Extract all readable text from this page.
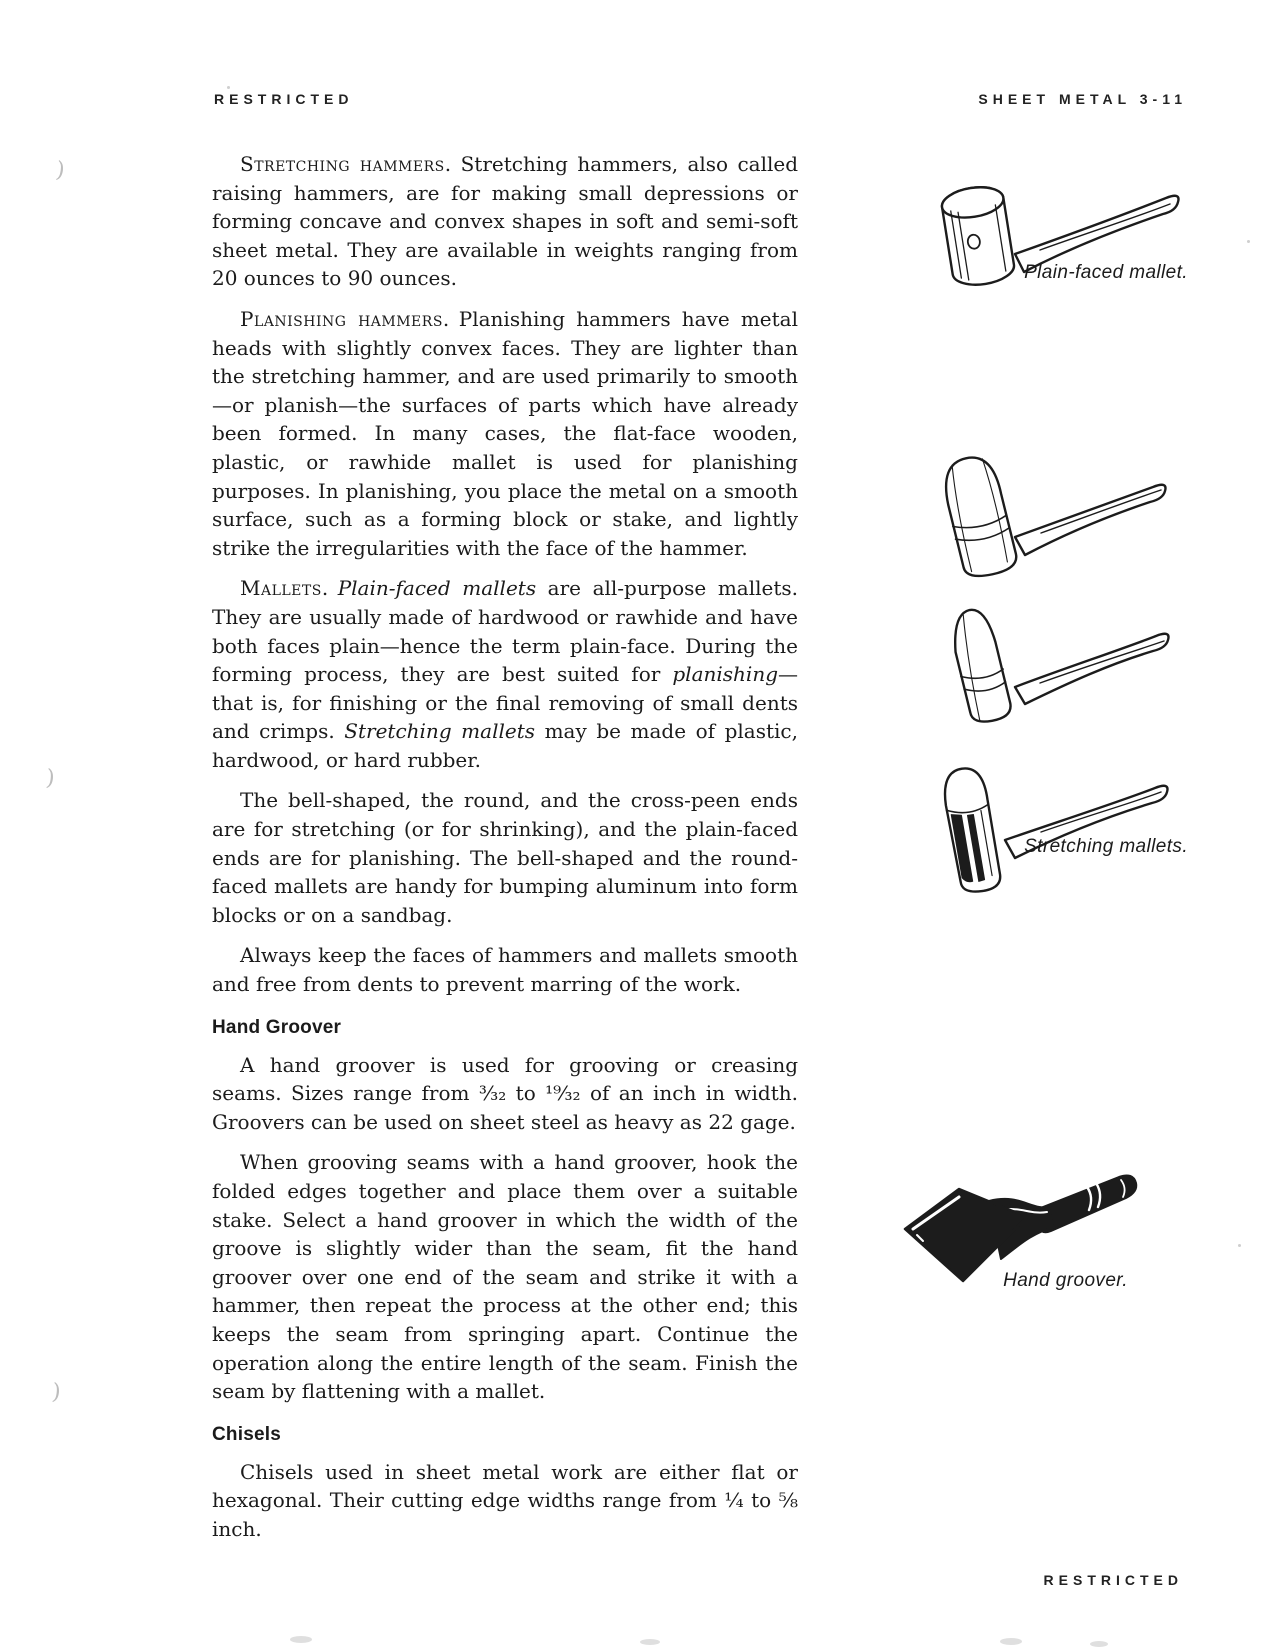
RESTRICTED	SHEET METAL 3-11

Stretching hammers. Stretching hammers, also called raising hammers, are for making small depressions or forming concave and convex shapes in soft and semi-soft sheet metal. They are available in weights ranging from 20 ounces to 90 ounces.

Planishing hammers. Planishing hammers have metal heads with slightly convex faces. They are lighter than the stretching hammer, and are used primarily to smooth—or planish—the surfaces of parts which have already been formed. In many cases, the flat-face wooden, plastic, or rawhide mallet is used for planishing purposes. In planishing, you place the metal on a smooth surface, such as a forming block or stake, and lightly strike the irregularities with the face of the hammer.

Mallets. Plain-faced mallets are all-purpose mallets. They are usually made of hardwood or rawhide and have both faces plain—hence the term plain-face. During the forming process, they are best suited for planishing—that is, for finishing or the final removing of small dents and crimps. Stretching mallets may be made of plastic, hardwood, or hard rubber.

The bell-shaped, the round, and the cross-peen ends are for stretching (or for shrinking), and the plain-faced ends are for planishing. The bell-shaped and the round-faced mallets are handy for bumping aluminum into form blocks or on a sandbag.

Always keep the faces of hammers and mallets smooth and free from dents to prevent marring of the work.

Hand Groover

A hand groover is used for grooving or creasing seams. Sizes range from ³⁄₃₂ to ¹⁹⁄₃₂ of an inch in width. Groovers can be used on sheet steel as heavy as 22 gage.

When grooving seams with a hand groover, hook the folded edges together and place them over a suitable stake. Select a hand groover in which the width of the groove is slightly wider than the seam, fit the hand groover over one end of the seam and strike it with a hammer, then repeat the process at the other end; this keeps the seam from springing apart. Continue the operation along the entire length of the seam. Finish the seam by flattening with a mallet.

Chisels

Chisels used in sheet metal work are either flat or hexagonal. Their cutting edge widths range from ¼ to ⅝ inch.

Plain-faced mallet.
Stretching mallets.
Hand groover.
RESTRICTED
)
)
)
